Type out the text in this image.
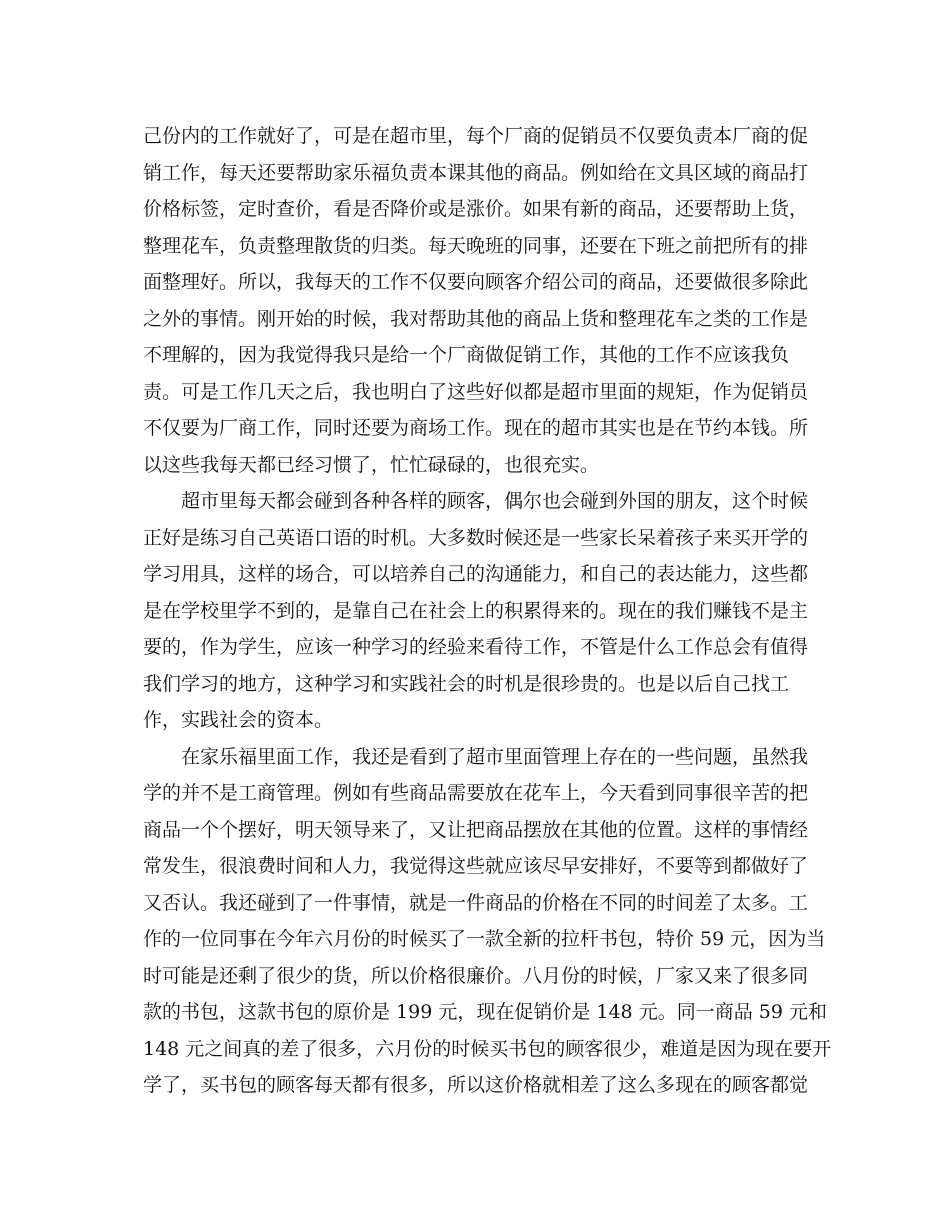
己份内的工作就好了，可是在超市里，每个厂商的促销员不仅要负责本厂商的促
销工作，每天还要帮助家乐福负责本课其他的商品。例如给在文具区域的商品打
价格标签，定时查价，看是否降价或是涨价。如果有新的商品，还要帮助上货，
整理花车，负责整理散货的归类。每天晚班的同事，还要在下班之前把所有的排
面整理好。所以，我每天的工作不仅要向顾客介绍公司的商品，还要做很多除此
之外的事情。刚开始的时候，我对帮助其他的商品上货和整理花车之类的工作是
不理解的，因为我觉得我只是给一个厂商做促销工作，其他的工作不应该我负
责。可是工作几天之后，我也明白了这些好似都是超市里面的规矩，作为促销员
不仅要为厂商工作，同时还要为商场工作。现在的超市其实也是在节约本钱。所
以这些我每天都已经习惯了，忙忙碌碌的，也很充实。
超市里每天都会碰到各种各样的顾客，偶尔也会碰到外国的朋友，这个时候
正好是练习自己英语口语的时机。大多数时候还是一些家长呆着孩子来买开学的
学习用具，这样的场合，可以培养自己的沟通能力，和自己的表达能力，这些都
是在学校里学不到的，是靠自己在社会上的积累得来的。现在的我们赚钱不是主
要的，作为学生，应该一种学习的经验来看待工作，不管是什么工作总会有值得
我们学习的地方，这种学习和实践社会的时机是很珍贵的。也是以后自己找工
作，实践社会的资本。
在家乐福里面工作，我还是看到了超市里面管理上存在的一些问题，虽然我
学的并不是工商管理。例如有些商品需要放在花车上，今天看到同事很辛苦的把
商品一个个摆好，明天领导来了，又让把商品摆放在其他的位置。这样的事情经
常发生，很浪费时间和人力，我觉得这些就应该尽早安排好，不要等到都做好了
又否认。我还碰到了一件事情，就是一件商品的价格在不同的时间差了太多。工
作的一位同事在今年六月份的时候买了一款全新的拉杆书包，特价 59 元，因为当
时可能是还剩了很少的货，所以价格很廉价。八月份的时候，厂家又来了很多同
款的书包，这款书包的原价是 199 元，现在促销价是 148 元。同一商品 59 元和
148 元之间真的差了很多，六月份的时候买书包的顾客很少，难道是因为现在要开
学了，买书包的顾客每天都有很多，所以这价格就相差了这么多现在的顾客都觉
